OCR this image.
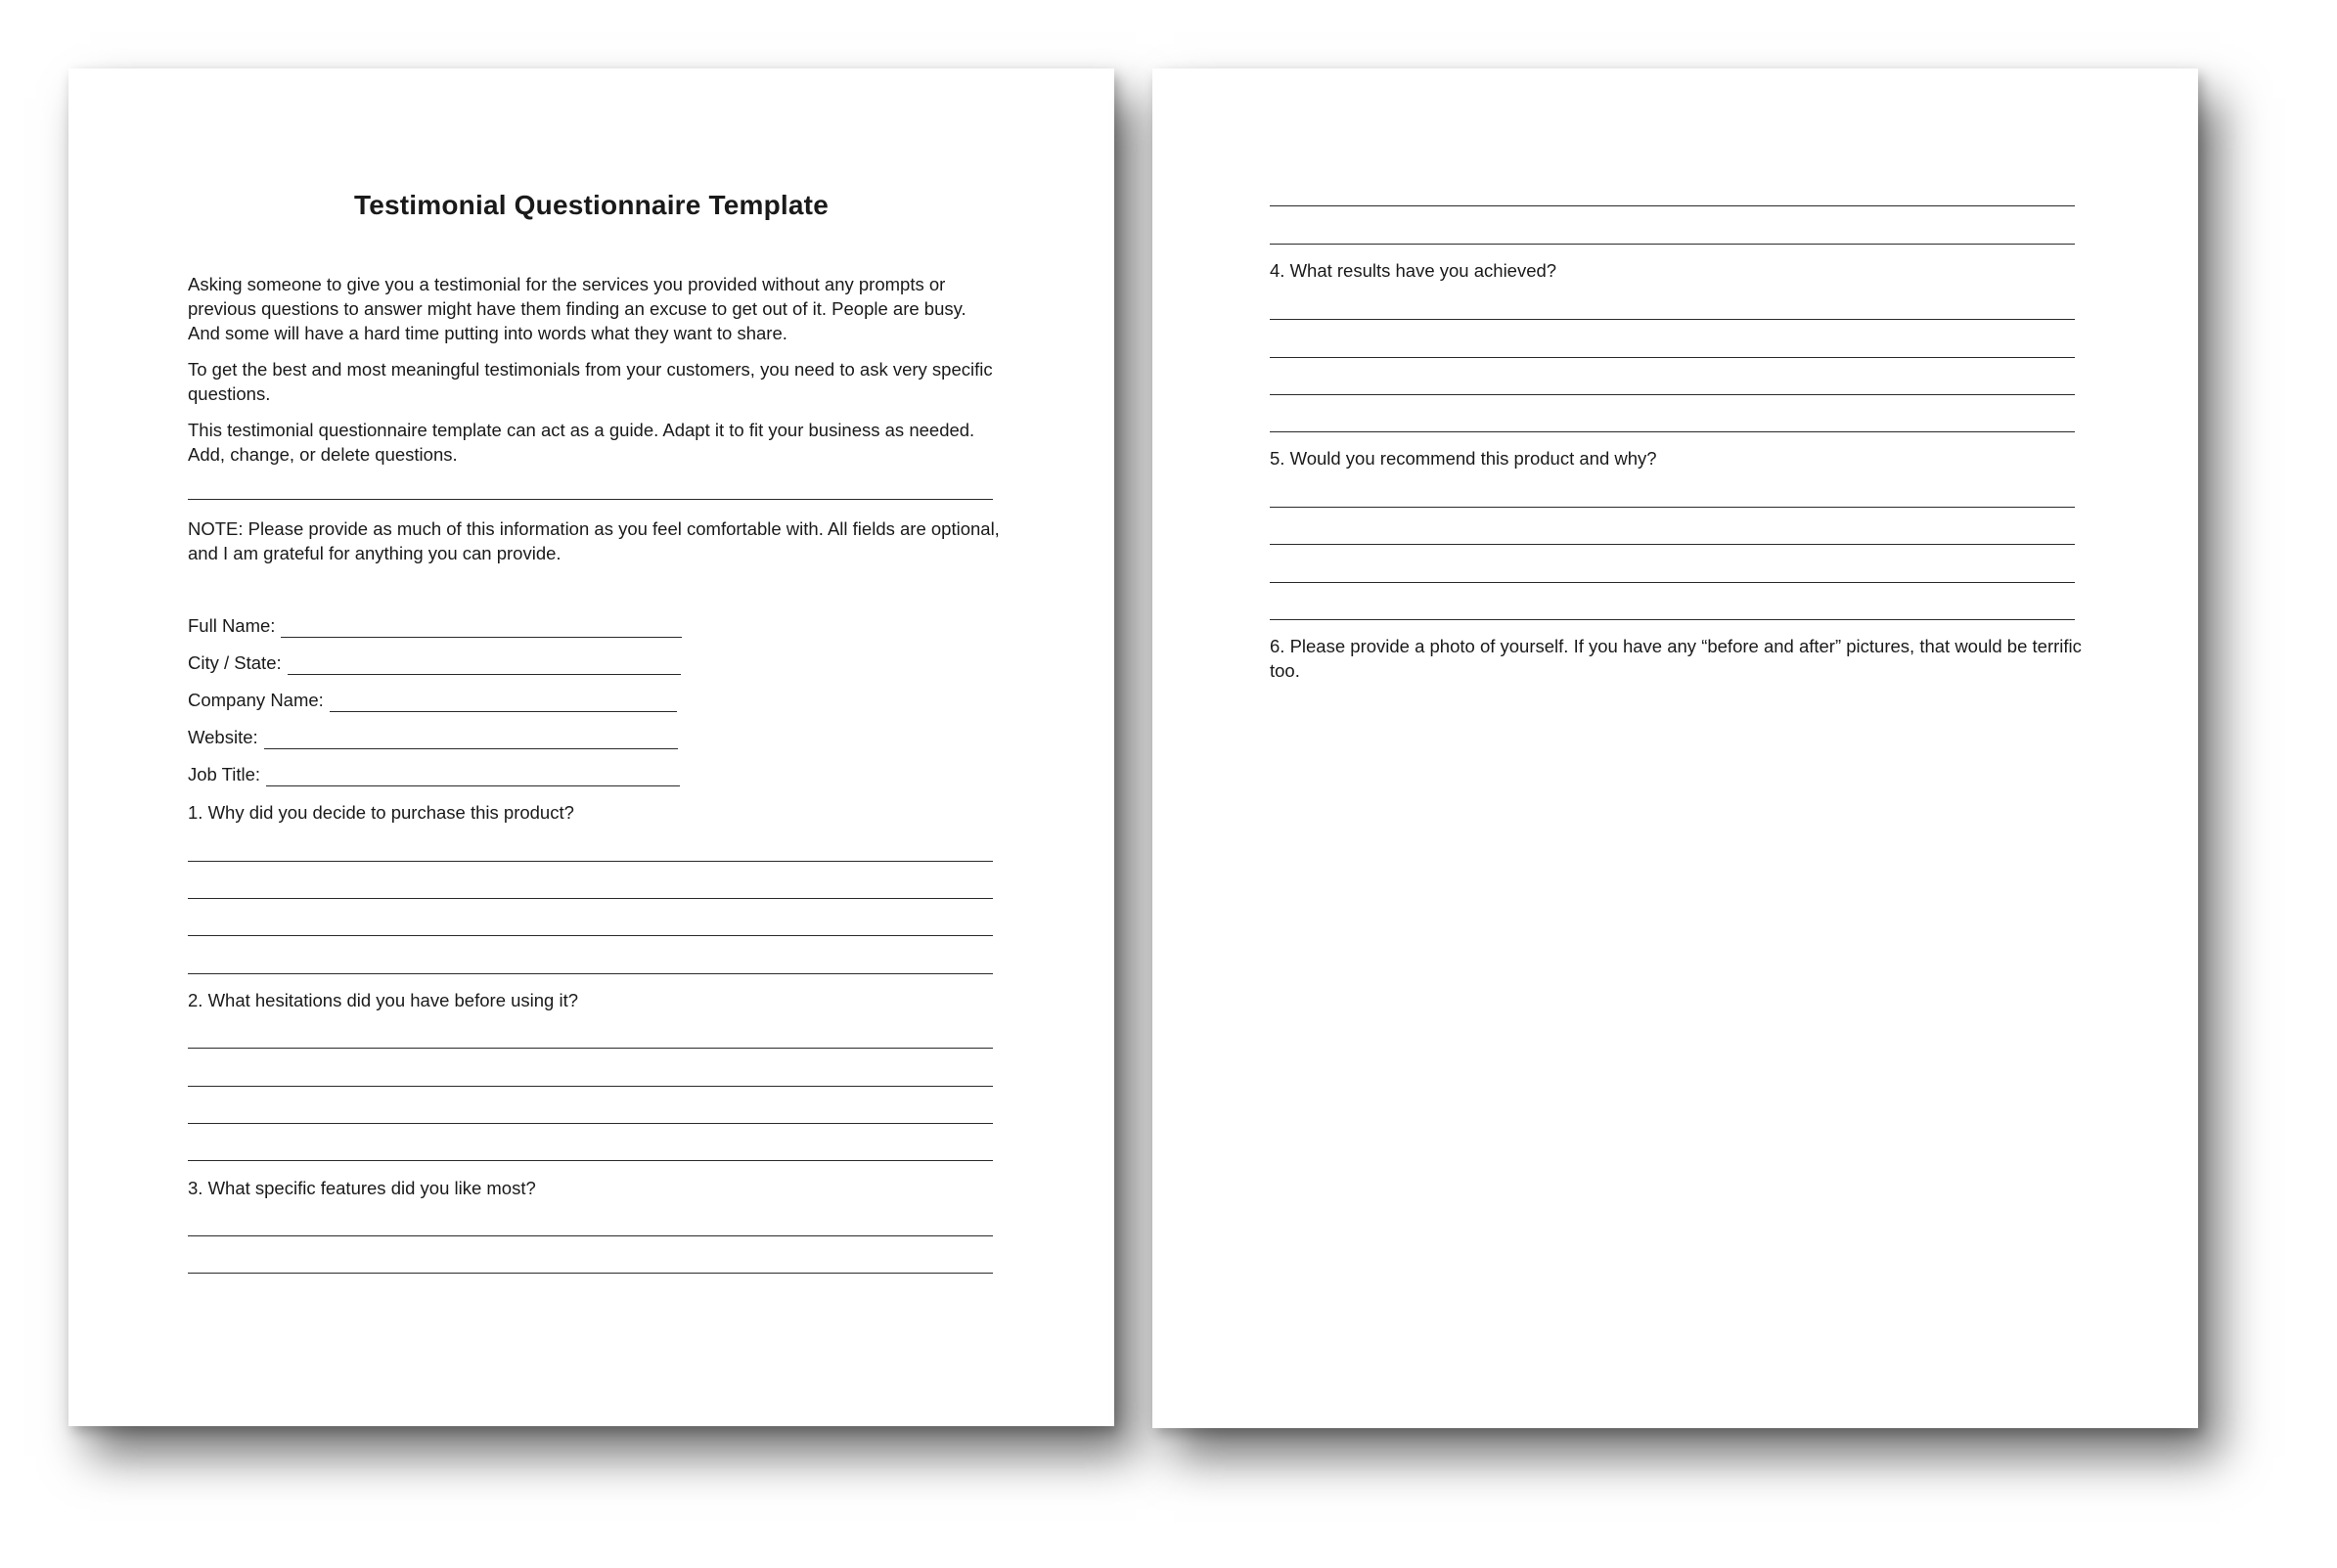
Testimonial Questionnaire Template

Asking someone to give you a testimonial for the services you provided without any prompts or previous questions to answer might have them finding an excuse to get out of it. People are busy. And some will have a hard time putting into words what they want to share.

To get the best and most meaningful testimonials from your customers, you need to ask very specific questions.

This testimonial questionnaire template can act as a guide. Adapt it to fit your business as needed. Add, change, or delete questions.

NOTE: Please provide as much of this information as you feel comfortable with. All fields are optional, and I am grateful for anything you can provide.

Full Name:
City / State:
Company Name:
Website:
Job Title:

1. Why did you decide to purchase this product?

2. What hesitations did you have before using it?

3. What specific features did you like most?

4. What results have you achieved?

5. Would you recommend this product and why?

6. Please provide a photo of yourself. If you have any “before and after” pictures, that would be terrific too.
